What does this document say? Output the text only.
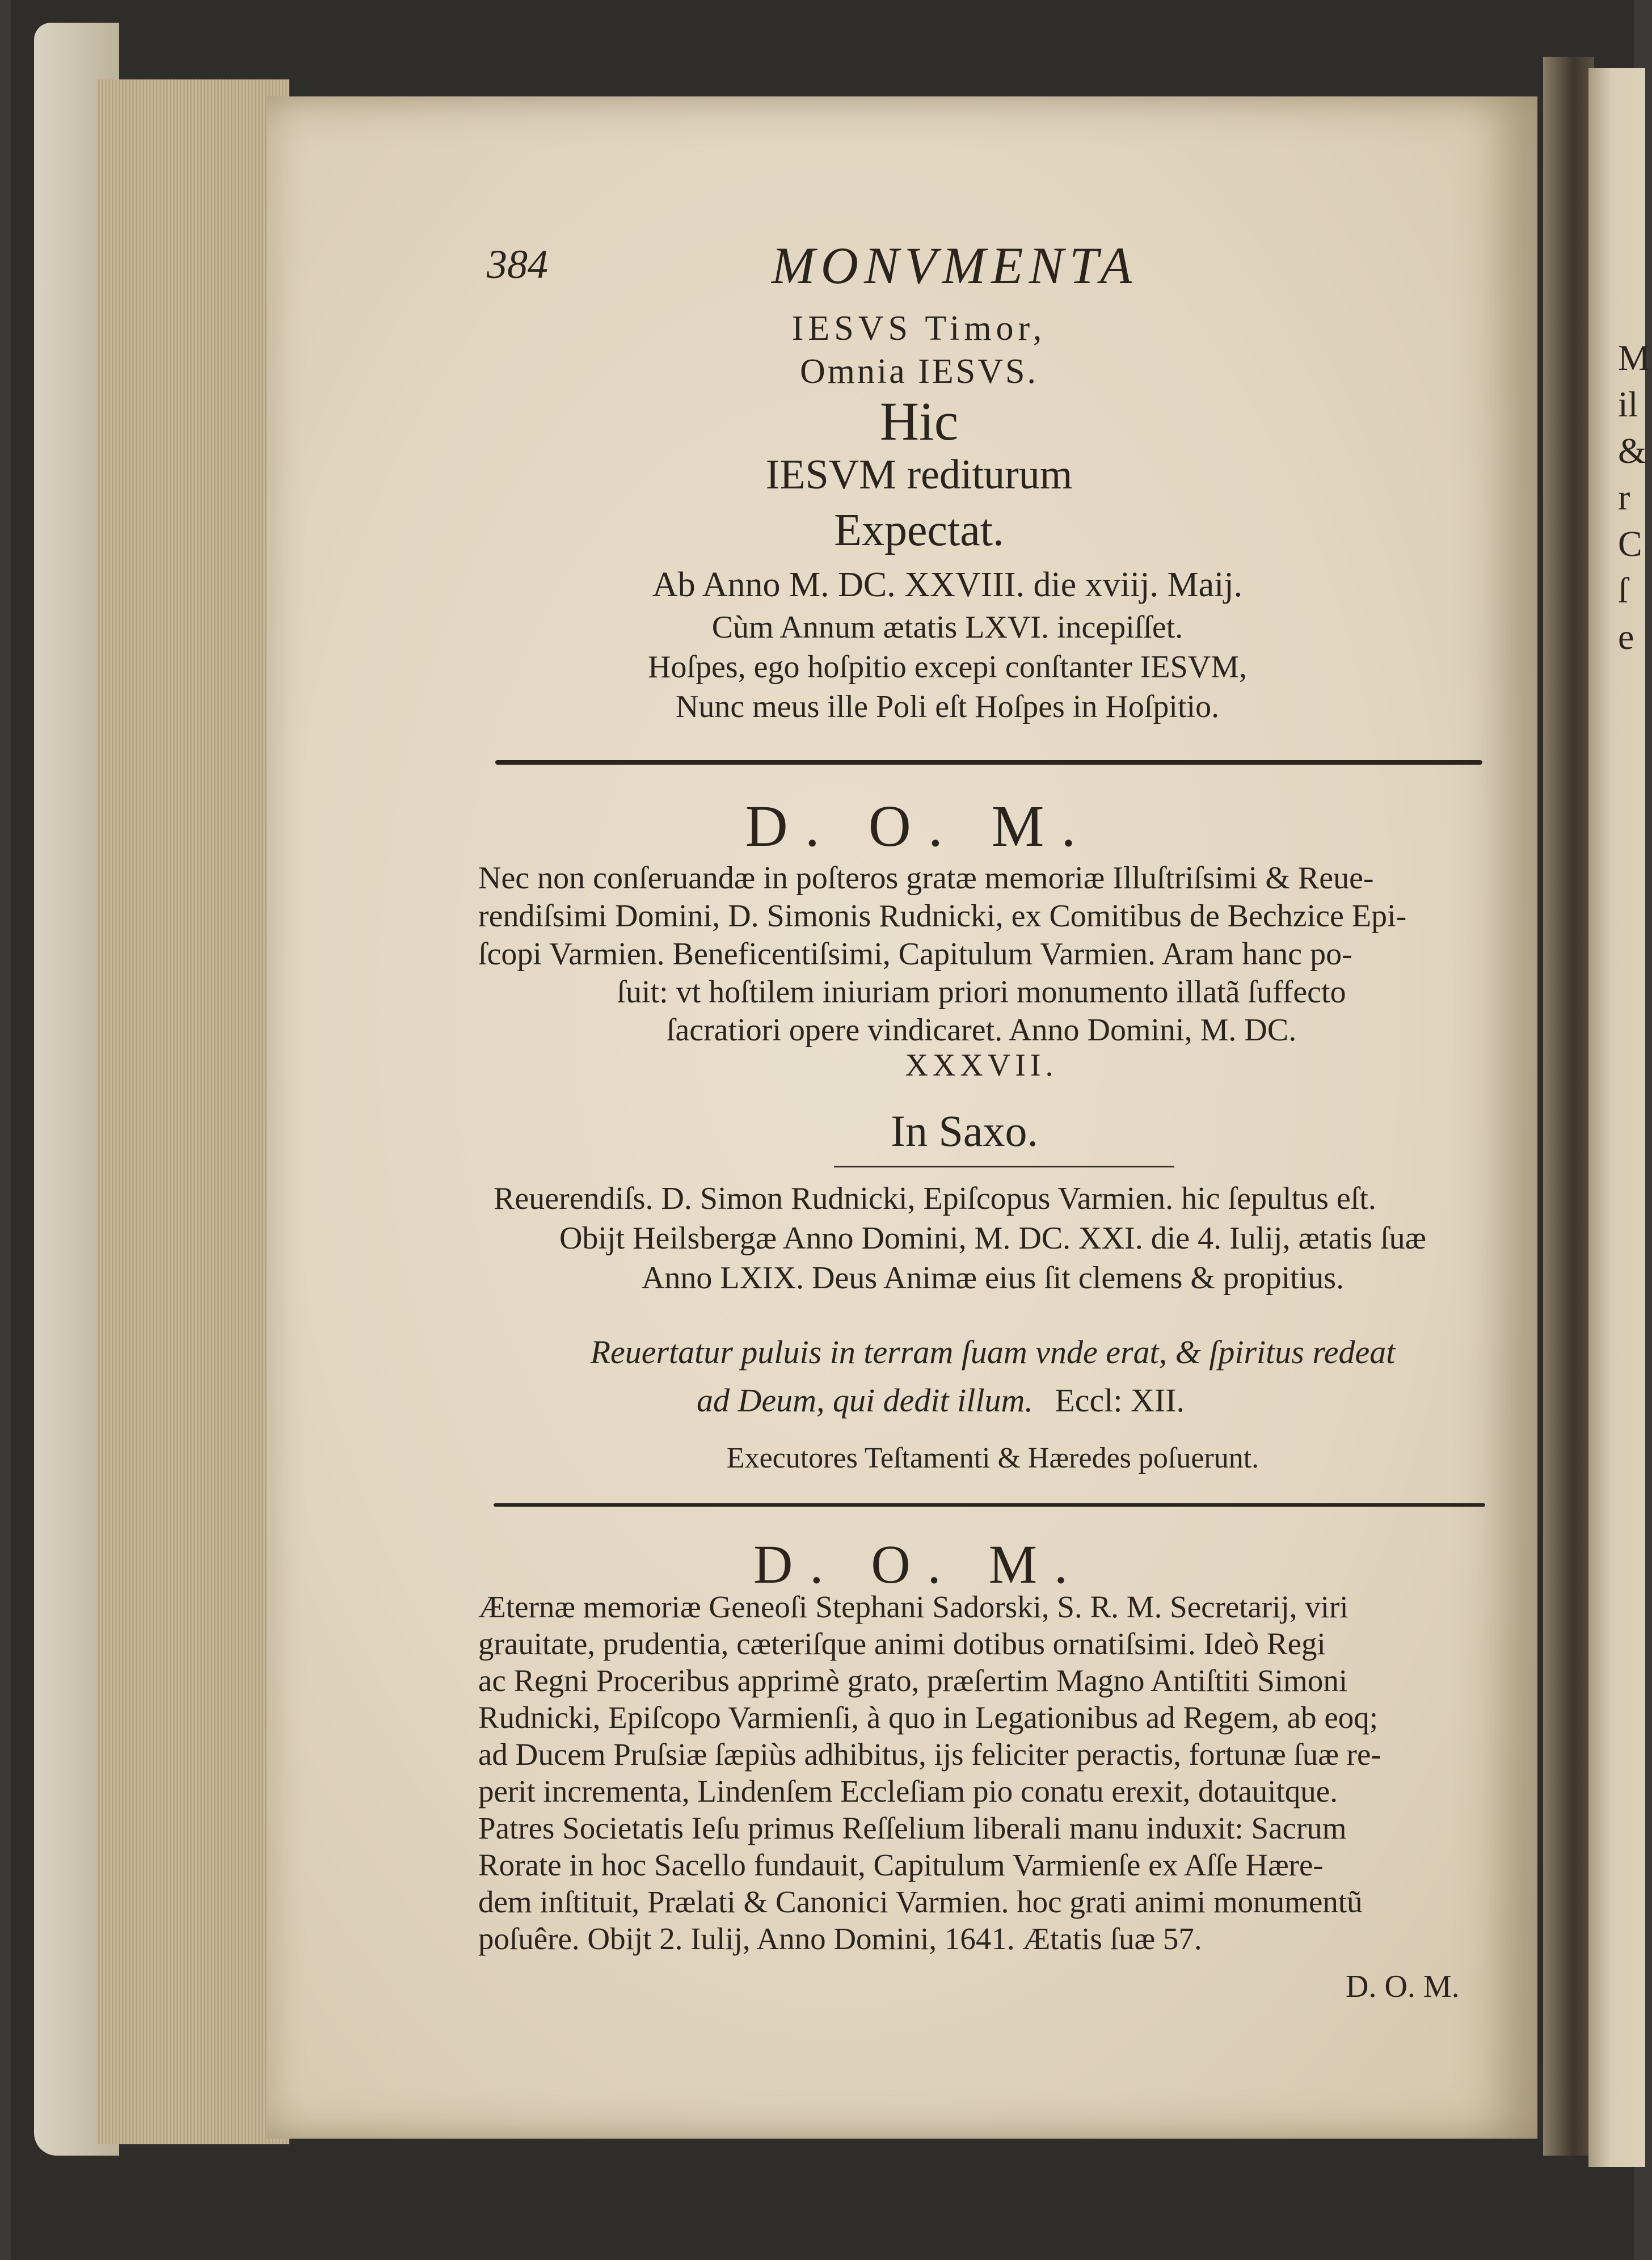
M
il
&
r
C
ſ
e
384	MONVMENTA
IESVS Timor,
Omnia IESVS.
Hic
IESVM rediturum
Expectat.
Ab Anno M. DC. XXVIII. die xviij. Maij.
Cùm Annum ætatis LXVI. incepiſſet.
Hoſpes, ego hoſpitio excepi conſtanter IESVM,
Nunc meus ille Poli eſt Hoſpes in Hoſpitio.
D. O. M.
Nec non conſeruandæ in poſteros gratæ memoriæ Illuſtriſsimi & Reue-
rendiſsimi Domini, D. Simonis Rudnicki, ex Comitibus de Bechzice Epi-
ſcopi Varmien. Beneficentiſsimi, Capitulum Varmien. Aram hanc po-
ſuit: vt hoſtilem iniuriam priori monumento illatã ſuffecto
ſacratiori opere vindicaret. Anno Domini, M. DC.
XXXVII.
In Saxo.
Reuerendiſs. D. Simon Rudnicki, Epiſcopus Varmien. hic ſepultus eſt.
Obijt Heilsbergæ Anno Domini, M. DC. XXI. die 4. Iulij, ætatis ſuæ
Anno LXIX. Deus Animæ eius ſit clemens & propitius.
Reuertatur puluis in terram ſuam vnde erat, & ſpiritus redeat
ad Deum, qui dedit illum. Eccl: XII.
Executores Teſtamenti & Hæredes poſuerunt.
D. O. M.
Æternæ memoriæ Geneoſi Stephani Sadorski, S. R. M. Secretarij, viri
grauitate, prudentia, cæteriſque animi dotibus ornatiſsimi. Ideò Regi
ac Regni Proceribus apprimè grato, præſertim Magno Antiſtiti Simoni
Rudnicki, Epiſcopo Varmienſi, à quo in Legationibus ad Regem, ab eoq;
ad Ducem Pruſsiæ ſæpiùs adhibitus, ijs feliciter peractis, fortunæ ſuæ re-
perit incrementa, Lindenſem Eccleſiam pio conatu erexit, dotauitque.
Patres Societatis Ieſu primus Reſſelium liberali manu induxit: Sacrum
Rorate in hoc Sacello fundauit, Capitulum Varmienſe ex Aſſe Hære-
dem inſtituit, Prælati & Canonici Varmien. hoc grati animi monumentũ
poſuêre. Obijt 2. Iulij, Anno Domini, 1641. Ætatis ſuæ 57.
D. O. M.
